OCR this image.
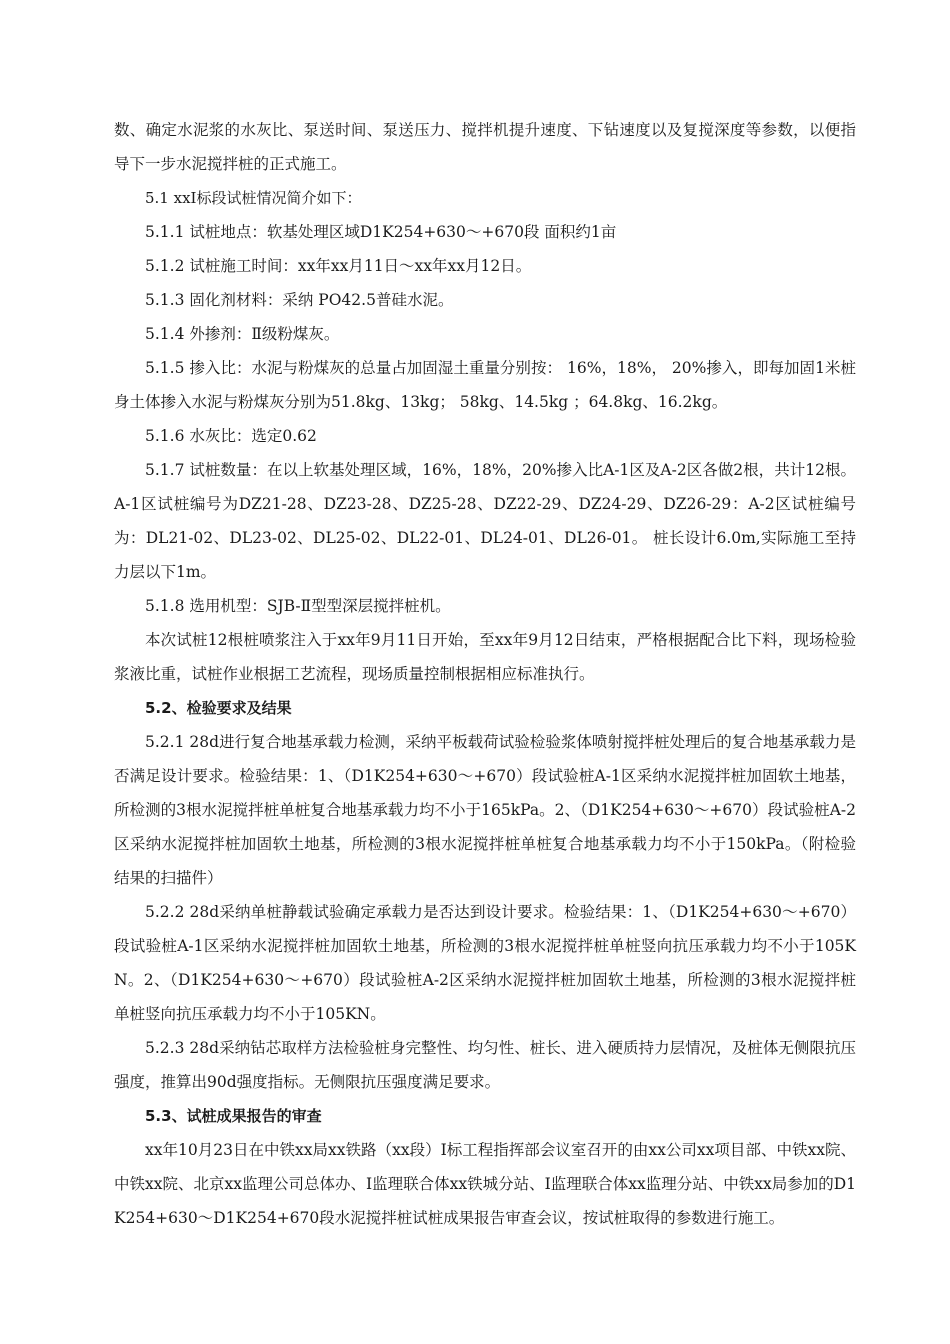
数、确定水泥浆的水灰比、泵送时间、泵送压力、搅拌机提升速度、下钻速度以及复搅深度等参数，以便指导下一步水泥搅拌桩的正式施工。

5.1 xxⅠ标段试桩情况简介如下：

5.1.1 试桩地点：软基处理区域D1K254+630～+670段 面积约1亩

5.1.2 试桩施工时间：xx年xx月11日～xx年xx月12日。

5.1.3 固化剂材料：采纳 PO42.5普硅水泥。

5.1.4 外掺剂：Ⅱ级粉煤灰。

5.1.5 掺入比：水泥与粉煤灰的总量占加固湿土重量分别按： 16%，18%， 20%掺入，即每加固1米桩身土体掺入水泥与粉煤灰分别为51.8kg、13kg； 58kg、14.5kg ；64.8kg、16.2kg。

5.1.6 水灰比：选定0.62

5.1.7 试桩数量：在以上软基处理区域，16%，18%，20%掺入比A-1区及A-2区各做2根，共计12根。A-1区试桩编号为DZ21-28、DZ23-28、DZ25-28、DZ22-29、DZ24-29、DZ26-29：A-2区试桩编号为：DL21-02、DL23-02、DL25-02、DL22-01、DL24-01、DL26-01。 桩长设计6.0m,实际施工至持力层以下1m。

5.1.8 选用机型：SJB-Ⅱ型型深层搅拌桩机。

本次试桩12根桩喷浆注入于xx年9月11日开始，至xx年9月12日结束，严格根据配合比下料，现场检验浆液比重，试桩作业根据工艺流程，现场质量控制根据相应标准执行。

5.2、检验要求及结果

5.2.1 28d进行复合地基承载力检测，采纳平板载荷试验检验浆体喷射搅拌桩处理后的复合地基承载力是否满足设计要求。检验结果：1、（D1K254+630～+670）段试验桩A-1区采纳水泥搅拌桩加固软土地基，所检测的3根水泥搅拌桩单桩复合地基承载力均不小于165kPa。2、（D1K254+630～+670）段试验桩A-2区采纳水泥搅拌桩加固软土地基，所检测的3根水泥搅拌桩单桩复合地基承载力均不小于150kPa。（附检验结果的扫描件）

5.2.2 28d采纳单桩静载试验确定承载力是否达到设计要求。检验结果：1、（D1K254+630～+670）段试验桩A-1区采纳水泥搅拌桩加固软土地基，所检测的3根水泥搅拌桩单桩竖向抗压承载力均不小于105KN。2、（D1K254+630～+670）段试验桩A-2区采纳水泥搅拌桩加固软土地基，所检测的3根水泥搅拌桩单桩竖向抗压承载力均不小于105KN。

5.2.3 28d采纳钻芯取样方法检验桩身完整性、均匀性、桩长、进入硬质持力层情况，及桩体无侧限抗压强度，推算出90d强度指标。无侧限抗压强度满足要求。

5.3、试桩成果报告的审查

xx年10月23日在中铁xx局xx铁路（xx段）Ⅰ标工程指挥部会议室召开的由xx公司xx项目部、中铁xx院、中铁xx院、北京xx监理公司总体办、Ⅰ监理联合体xx铁城分站、Ⅰ监理联合体xx监理分站、中铁xx局参加的D1K254+630～D1K254+670段水泥搅拌桩试桩成果报告审查会议，按试桩取得的参数进行施工。
